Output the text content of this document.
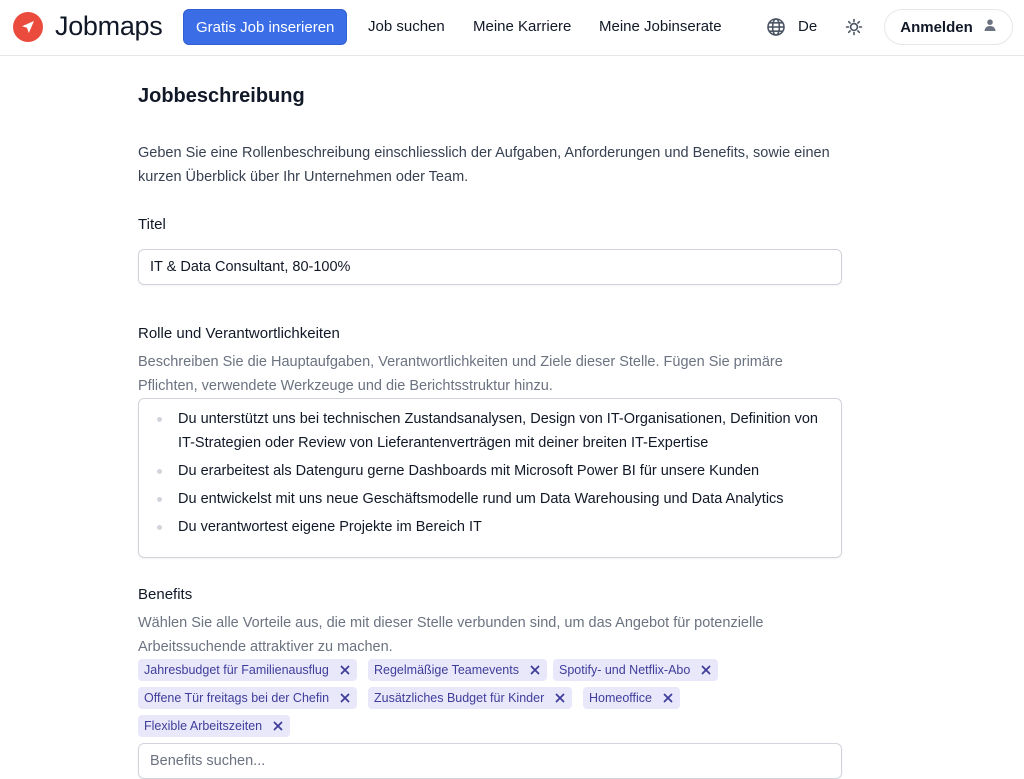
Jobmaps	Gratis Job inserieren	Job suchen Meine Karriere Meine Jobinserate	De	Anmelden
Jobbeschreibung

Geben Sie eine Rollenbeschreibung einschliesslich der Aufgaben, Anforderungen und Benefits, sowie einen kurzen Überblick über Ihr Unternehmen oder Team.

Titel
IT & Data Consultant, 80-100%
Rolle und Verantwortlichkeiten

Beschreiben Sie die Hauptaufgaben, Verantwortlichkeiten und Ziele dieser Stelle. Fügen Sie primäre Pflichten, verwendete Werkzeuge und die Berichtsstruktur hinzu.

Du unterstützt uns bei technischen Zustandsanalysen, Design von IT-Organisationen, Definition von IT-Strategien oder Review von Lieferantenverträgen mit deiner breiten IT-Expertise
Du erarbeitest als Datenguru gerne Dashboards mit Microsoft Power BI für unsere Kunden
Du entwickelst mit uns neue Geschäftsmodelle rund um Data Warehousing und Data Analytics
Du verantwortest eigene Projekte im Bereich IT
Benefits

Wählen Sie alle Vorteile aus, die mit dieser Stelle verbunden sind, um das Angebot für potenzielle Arbeitssuchende attraktiver zu machen.

Jahresbudget für Familienausflug	Regelmäßige Teamevents	Spotify- und Netflix-Abo
Offene Tür freitags bei der Chefin	Zusätzliches Budget für Kinder	Homeoffice
Flexible Arbeitszeiten
Benefits suchen...
